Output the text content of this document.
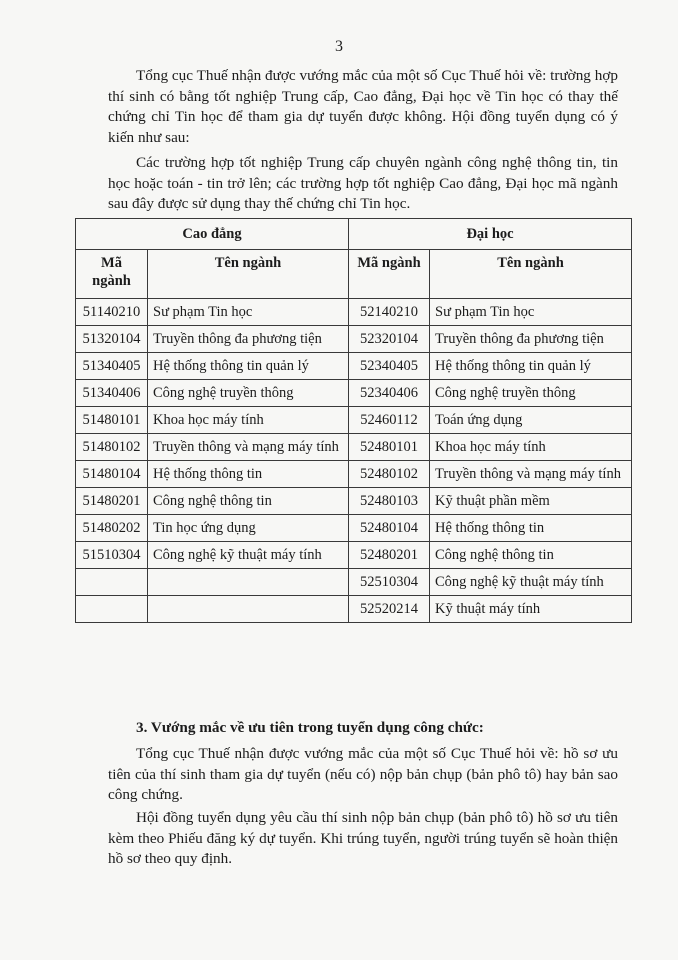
3

Tổng cục Thuế nhận được vướng mắc của một số Cục Thuế hỏi về: trường hợp thí sinh có bằng tốt nghiệp Trung cấp, Cao đẳng, Đại học về Tin học có thay thế chứng chỉ Tin học để tham gia dự tuyển được không. Hội đồng tuyển dụng có ý kiến như sau:

Các trường hợp tốt nghiệp Trung cấp chuyên ngành công nghệ thông tin, tin học hoặc toán - tin trở lên; các trường hợp tốt nghiệp Cao đẳng, Đại học mã ngành sau đây được sử dụng thay thế chứng chỉ Tin học.

Cao đẳng		Đại học	
Mã ngành	Tên ngành	Mã ngành	Tên ngành
51140210	Sư phạm Tin học	52140210	Sư phạm Tin học
51320104	Truyền thông đa phương tiện	52320104	Truyền thông đa phương tiện
51340405	Hệ thống thông tin quản lý	52340405	Hệ thống thông tin quản lý
51340406	Công nghệ truyền thông	52340406	Công nghệ truyền thông
51480101	Khoa học máy tính	52460112	Toán ứng dụng
51480102	Truyền thông và mạng máy tính	52480101	Khoa học máy tính
51480104	Hệ thống thông tin	52480102	Truyền thông và mạng máy tính
51480201	Công nghệ thông tin	52480103	Kỹ thuật phần mềm
51480202	Tin học ứng dụng	52480104	Hệ thống thông tin
51510304	Công nghệ kỹ thuật máy tính	52480201	Công nghệ thông tin
		52510304	Công nghệ kỹ thuật máy tính
		52520214	Kỹ thuật máy tính

3. Vướng mắc về ưu tiên trong tuyển dụng công chức:

Tổng cục Thuế nhận được vướng mắc của một số Cục Thuế hỏi về: hồ sơ ưu tiên của thí sinh tham gia dự tuyển (nếu có) nộp bản chụp (bản phô tô) hay bản sao công chứng.

Hội đồng tuyển dụng yêu cầu thí sinh nộp bản chụp (bản phô tô) hồ sơ ưu tiên kèm theo Phiếu đăng ký dự tuyển. Khi trúng tuyển, người trúng tuyển sẽ hoàn thiện hồ sơ theo quy định.
